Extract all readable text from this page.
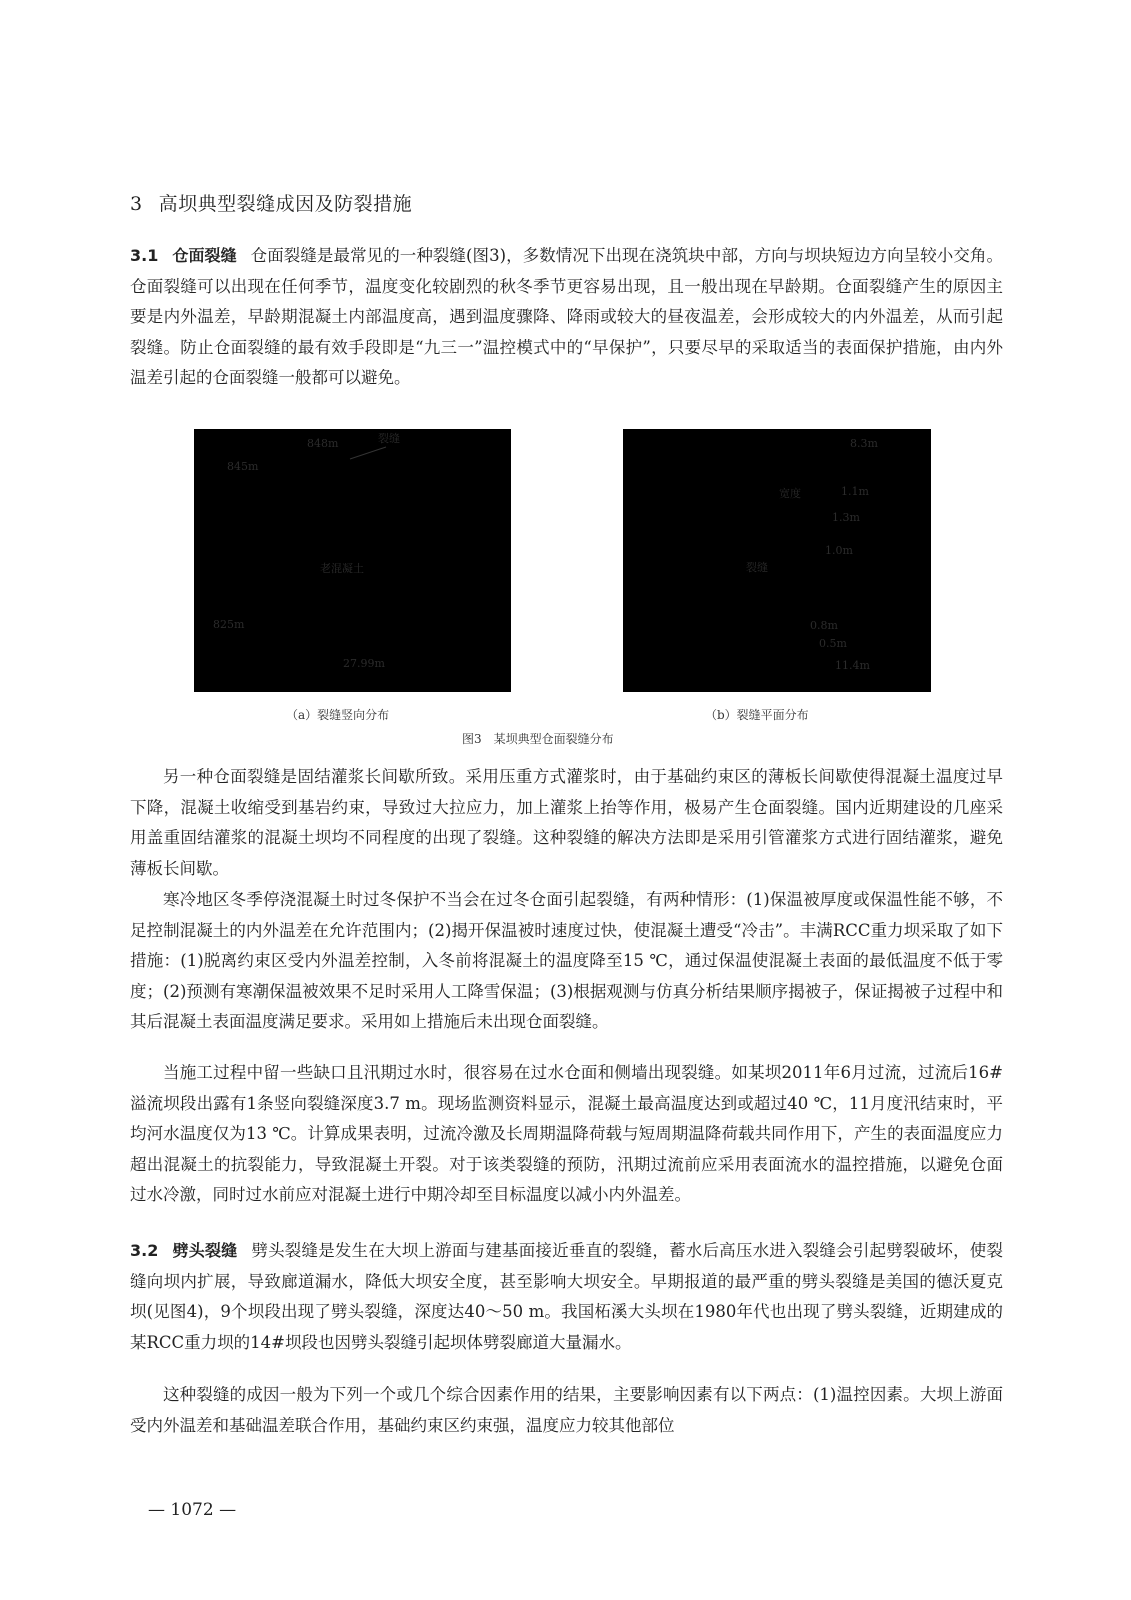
3 高坝典型裂缝成因及防裂措施

3.1 仓面裂缝 仓面裂缝是最常见的一种裂缝(图3)，多数情况下出现在浇筑块中部，方向与坝块短边方向呈较小交角。仓面裂缝可以出现在任何季节，温度变化较剧烈的秋冬季节更容易出现，且一般出现在早龄期。仓面裂缝产生的原因主要是内外温差，早龄期混凝土内部温度高，遇到温度骤降、降雨或较大的昼夜温差，会形成较大的内外温差，从而引起裂缝。防止仓面裂缝的最有效手段即是“九三一”温控模式中的“早保护”，只要尽早的采取适当的表面保护措施，由内外温差引起的仓面裂缝一般都可以避免。

848m	裂缝
845m
老混凝土
825m
27.99m
（a）裂缝竖向分布
8.3m
宽度	1.1m
1.3m
1.0m
裂缝
0.8m
0.5m
11.4m
（b）裂缝平面分布
图3　某坝典型仓面裂缝分布

另一种仓面裂缝是固结灌浆长间歇所致。采用压重方式灌浆时，由于基础约束区的薄板长间歇使得混凝土温度过早下降，混凝土收缩受到基岩约束，导致过大拉应力，加上灌浆上抬等作用，极易产生仓面裂缝。国内近期建设的几座采用盖重固结灌浆的混凝土坝均不同程度的出现了裂缝。这种裂缝的解决方法即是采用引管灌浆方式进行固结灌浆，避免薄板长间歇。

寒冷地区冬季停浇混凝土时过冬保护不当会在过冬仓面引起裂缝，有两种情形：(1)保温被厚度或保温性能不够，不足控制混凝土的内外温差在允许范围内；(2)揭开保温被时速度过快，使混凝土遭受“冷击”。丰满RCC重力坝采取了如下措施：(1)脱离约束区受内外温差控制，入冬前将混凝土的温度降至15 ℃，通过保温使混凝土表面的最低温度不低于零度；(2)预测有寒潮保温被效果不足时采用人工降雪保温；(3)根据观测与仿真分析结果顺序揭被子，保证揭被子过程中和其后混凝土表面温度满足要求。采用如上措施后未出现仓面裂缝。

当施工过程中留一些缺口且汛期过水时，很容易在过水仓面和侧墙出现裂缝。如某坝2011年6月过流，过流后16#溢流坝段出露有1条竖向裂缝深度3.7 m。现场监测资料显示，混凝土最高温度达到或超过40 ℃，11月度汛结束时，平均河水温度仅为13 ℃。计算成果表明，过流冷激及长周期温降荷载与短周期温降荷载共同作用下，产生的表面温度应力超出混凝土的抗裂能力，导致混凝土开裂。对于该类裂缝的预防，汛期过流前应采用表面流水的温控措施，以避免仓面过水冷激，同时过水前应对混凝土进行中期冷却至目标温度以减小内外温差。

3.2 劈头裂缝 劈头裂缝是发生在大坝上游面与建基面接近垂直的裂缝，蓄水后高压水进入裂缝会引起劈裂破坏，使裂缝向坝内扩展，导致廊道漏水，降低大坝安全度，甚至影响大坝安全。早期报道的最严重的劈头裂缝是美国的德沃夏克坝(见图4)，9个坝段出现了劈头裂缝，深度达40～50 m。我国柘溪大头坝在1980年代也出现了劈头裂缝，近期建成的某RCC重力坝的14#坝段也因劈头裂缝引起坝体劈裂廊道大量漏水。

这种裂缝的成因一般为下列一个或几个综合因素作用的结果，主要影响因素有以下两点：(1)温控因素。大坝上游面受内外温差和基础温差联合作用，基础约束区约束强，温度应力较其他部位

— 1072 —
